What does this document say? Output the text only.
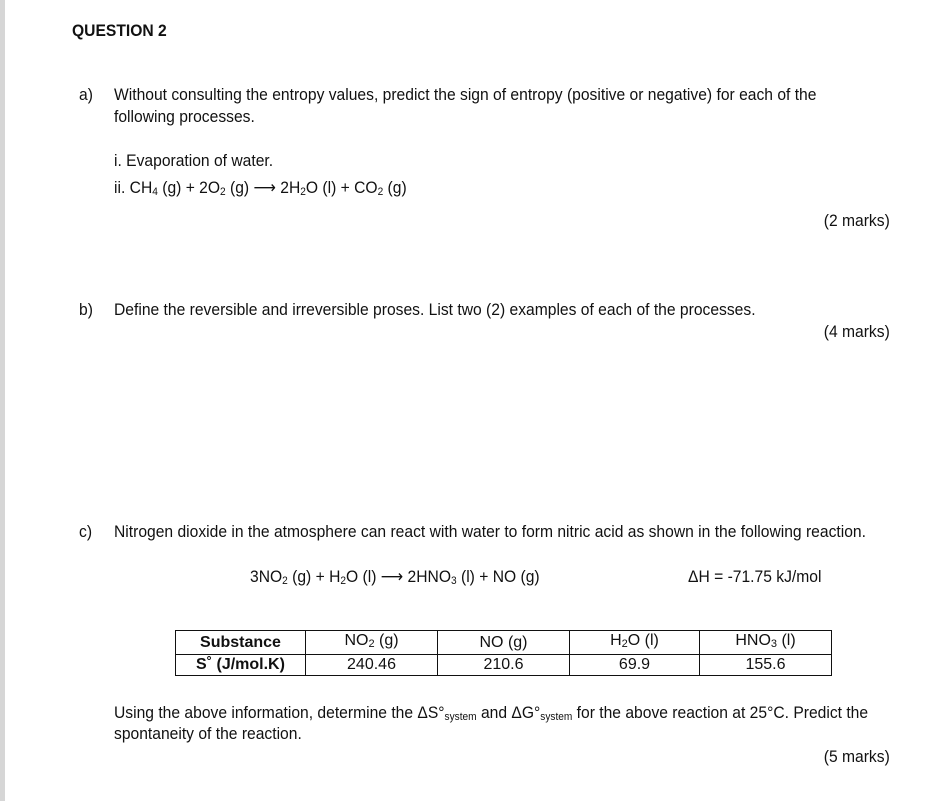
QUESTION 2
a) Without consulting the entropy values, predict the sign of entropy (positive or negative) for each of the
following processes.
i. Evaporation of water.
ii. $CH_4$ $(g) + 2O_2$ (g) ⟶ $2H_2O$ $(l) + CO_2$ (g)
(2 marks)
b) Define the reversible and irreversible proses. List two (2) examples of each of the processes.
(4 marks)
c) Nitrogen dioxide in the atmosphere can react with water to form nitric acid as shown in the following reaction.
$3NO_2$ $(g) + H_2O$ (l) ⟶ $2HNO_3$ (l) + NO (g)	ΔH = -71.75 kJ/mol
Substance	$NO_2$ (g)	NO (g)	$H_2O$ (l)	$HNO_3$ (l)
S˚ (J/mol.K)	240.46	210.6	69.9	155.6
Using the above information, determine the $\Delta S^\circ_{system}$ and $\Delta G^\circ_{system}$ for the above reaction at 25°C. Predict the
spontaneity of the reaction.
(5 marks)
